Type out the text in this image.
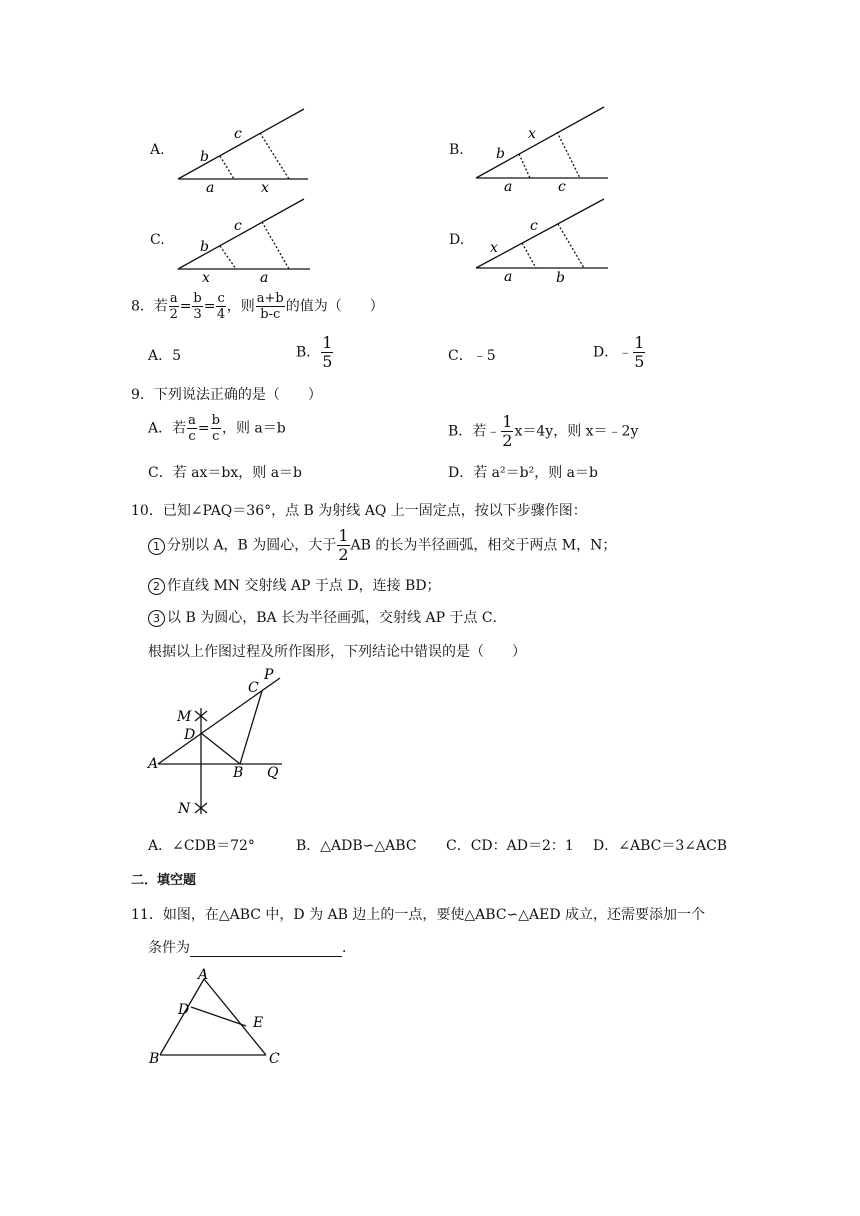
A.	b
c
a	x
B. b
x
a	c
C.	b
c
x	a
D. x
c
a	b
8．若 $\frac{a}{2} = \frac{b}{3} = \frac{c}{4}$ ，则 $\frac{a+b}{b-c}$ 的值为（　　）
A．5	B． $\frac{1}{5}$	C．﹣5	D．﹣ $\frac{1}{5}$
9．下列说法正确的是（　　）
A．若 $\frac{a}{c} = \frac{b}{c}$ ，则 a＝b	B．若﹣ $\frac{1}{2} x=4y$，则 x＝﹣2y
C．若 ax＝bx，则 a＝b	D．若 a²＝b²，则 a＝b
10．已知∠PAQ＝36°，点 B 为射线 AQ 上一固定点，按以下步骤作图：
1 分别以 A，B 为圆心，大于 $\frac{1}{2}$ AB 的长为半径画弧，相交于两点 M，N；
2 作直线 MN 交射线 AP 于点 D，连接 BD；
3 以 B 为圆心，BA 长为半径画弧，交射线 AP 于点 C．
根据以上作图过程及所作图形，下列结论中错误的是（　　）
P
C
M
D
A
B Q
N
A．∠CDB＝72°	B．△ADB∽△ABC C．CD：AD＝2：1 D．∠ABC＝3∠ACB
二．填空题
11．如图，在△ABC 中，D 为 AB 边上的一点，要使△ABC∽△AED 成立，还需要添加一个
条件为	．
A
D
E
B	C
